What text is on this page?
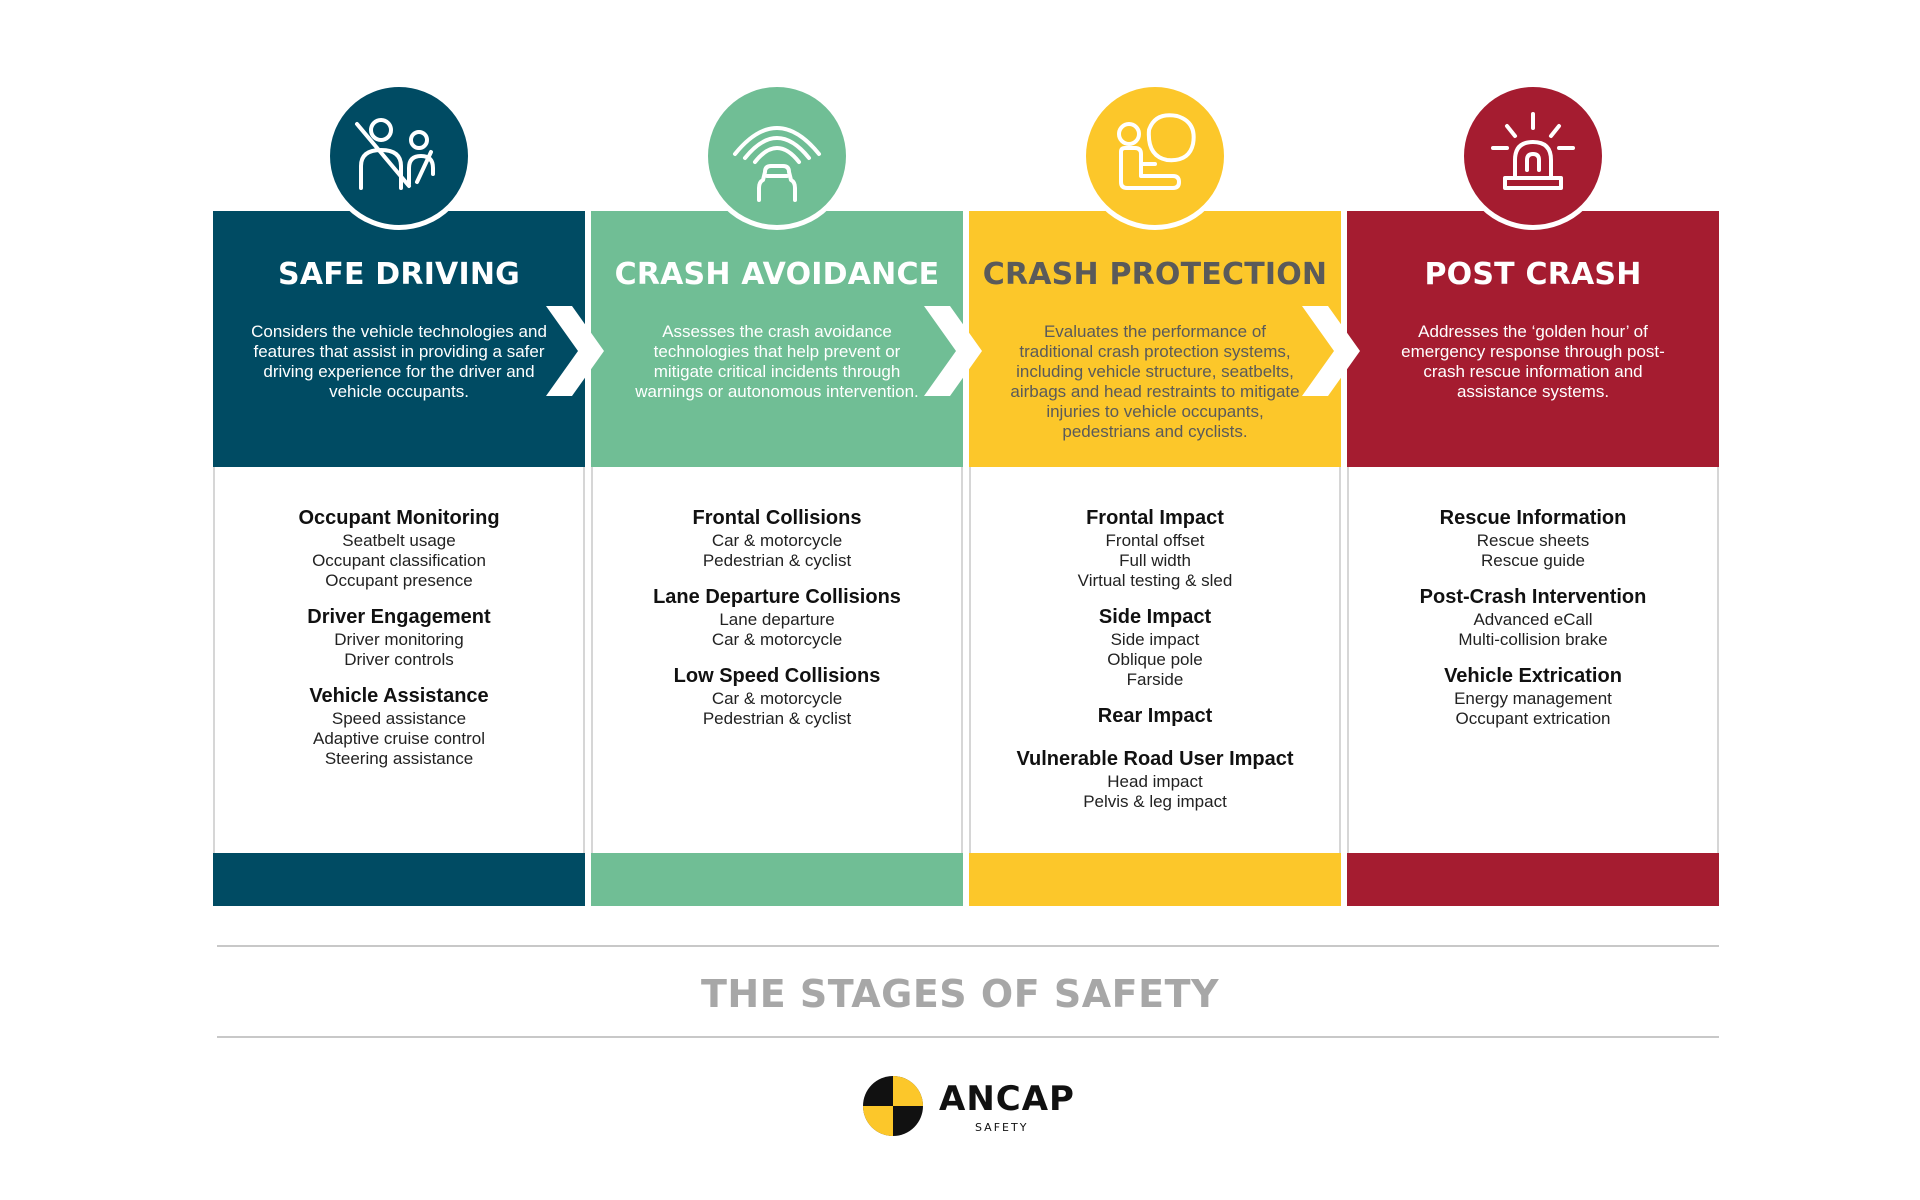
SAFE DRIVING
Considers the vehicle technologies and features that assist in providing a safer driving experience for the driver and vehicle occupants.
Occupant Monitoring
Seatbelt usage
Occupant classification
Occupant presence
Driver Engagement
Driver monitoring
Driver controls
Vehicle Assistance
Speed assistance
Adaptive cruise control
Steering assistance
CRASH AVOIDANCE
Assesses the crash avoidance technologies that help prevent or mitigate critical incidents through warnings or autonomous intervention.
Frontal Collisions
Car & motorcycle
Pedestrian & cyclist
Lane Departure Collisions
Lane departure
Car & motorcycle
Low Speed Collisions
Car & motorcycle
Pedestrian & cyclist
CRASH PROTECTION
Evaluates the performance of traditional crash protection systems, including vehicle structure, seatbelts, airbags and head restraints to mitigate injuries to vehicle occupants, pedestrians and cyclists.
Frontal Impact
Frontal offset
Full width
Virtual testing & sled
Side Impact
Side impact
Oblique pole
Farside
Rear Impact
Vulnerable Road User Impact
Head impact
Pelvis & leg impact
POST CRASH
Addresses the ‘golden hour’ of emergency response through post-crash rescue information and assistance systems.
Rescue Information
Rescue sheets
Rescue guide
Post-Crash Intervention
Advanced eCall
Multi-collision brake
Vehicle Extrication
Energy management
Occupant extrication
THE STAGES OF SAFETY
ANCAP
SAFETY
